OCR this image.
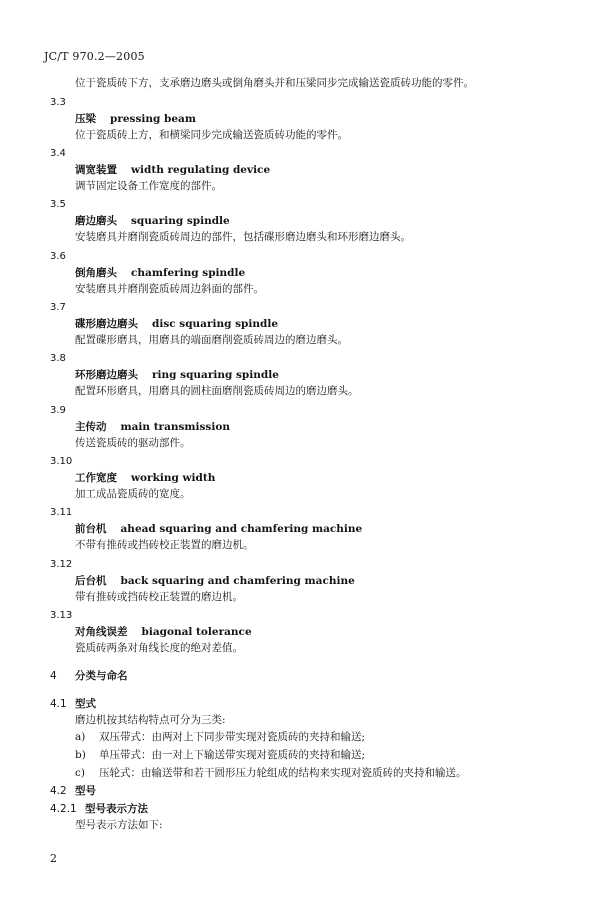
JC/T 970.2—2005
位于瓷质砖下方，支承磨边磨头或倒角磨头并和压梁同步完成输送瓷质砖功能的零件。
3.3
压梁 pressing beam
位于瓷质砖上方，和横梁同步完成输送瓷质砖功能的零件。
3.4
调宽装置 width regulating device
调节固定设备工作宽度的部件。
3.5
磨边磨头 squaring spindle
安装磨具并磨削瓷质砖周边的部件，包括碟形磨边磨头和环形磨边磨头。
3.6
倒角磨头 chamfering spindle
安装磨具并磨削瓷质砖周边斜面的部件。
3.7
碟形磨边磨头 disc squaring spindle
配置碟形磨具，用磨具的端面磨削瓷质砖周边的磨边磨头。
3.8
环形磨边磨头 ring squaring spindle
配置环形磨具，用磨具的圆柱面磨削瓷质砖周边的磨边磨头。
3.9
主传动 main transmission
传送瓷质砖的驱动部件。
3.10
工作宽度 working width
加工成品瓷质砖的宽度。
3.11
前台机 ahead squaring and chamfering machine
不带有推砖或挡砖校正装置的磨边机。
3.12
后台机 back squaring and chamfering machine
带有推砖或挡砖校正装置的磨边机。
3.13
对角线误差 biagonal tolerance
瓷质砖两条对角线长度的绝对差值。
4 分类与命名
4.1 型式
磨边机按其结构特点可分为三类:
a) 双压带式：由两对上下同步带实现对瓷质砖的夹持和输送;
b) 单压带式：由一对上下输送带实现对瓷质砖的夹持和输送;
c) 压轮式：由输送带和若干圆形压力轮组成的结构来实现对瓷质砖的夹持和输送。
4.2 型号
4.2.1 型号表示方法
型号表示方法如下:
2
